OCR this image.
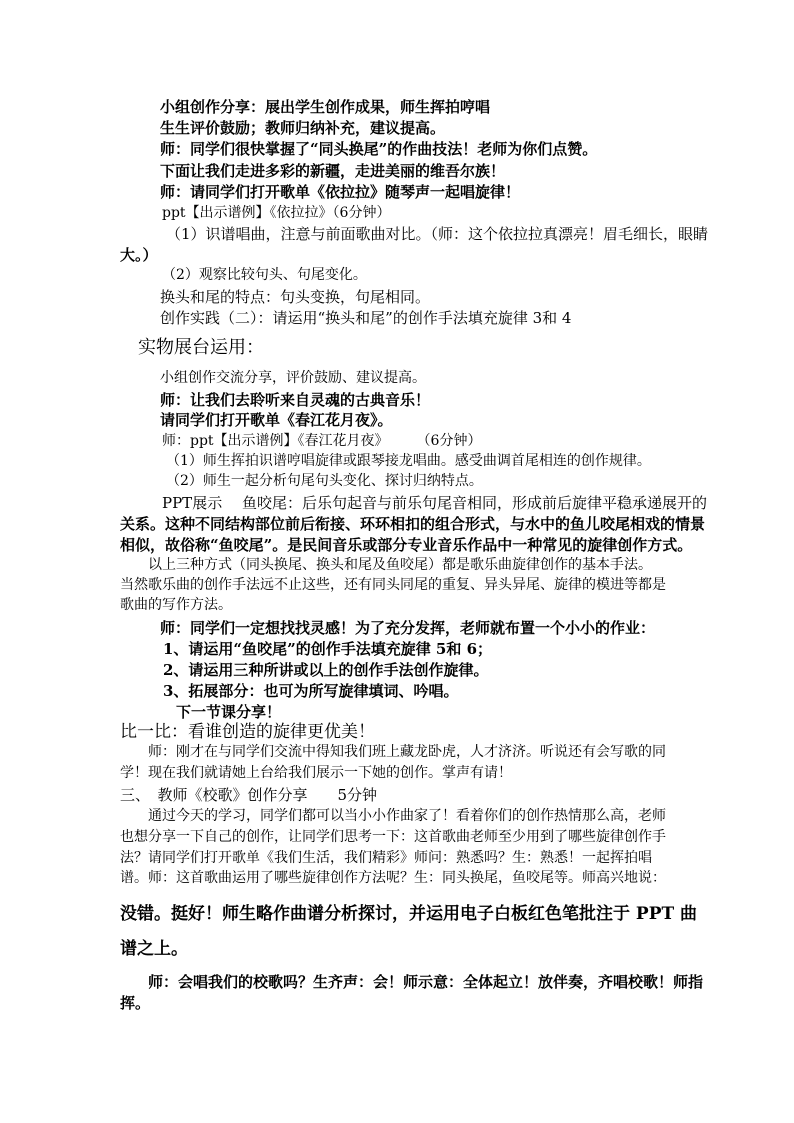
小组创作分享：展出学生创作成果，师生挥拍哼唱
生生评价鼓励；教师归纳补充，建议提高。
师：同学们很快掌握了“同头换尾”的作曲技法！老师为你们点赞。
下面让我们走进多彩的新疆，走进美丽的维吾尔族！
师：请同学们打开歌单《依拉拉》随琴声一起唱旋律！
ppt【出示谱例】《依拉拉》（6分钟）
（1）识谱唱曲，注意与前面歌曲对比。（师：这个依拉拉真漂亮！眉毛细长，眼睛
大。）
（2）观察比较句头、句尾变化。
换头和尾的特点：句头变换，句尾相同。
创作实践（二）：请运用“换头和尾”的创作手法填充旋律 3和 4
实物展台运用：
小组创作交流分享，评价鼓励、建议提高。
师：让我们去聆听来自灵魂的古典音乐！
请同学们打开歌单《春江花月夜》。
师：ppt【出示谱例】《春江花月夜》　　　（6分钟）
（1）师生挥拍识谱哼唱旋律或跟琴接龙唱曲。感受曲调首尾相连的创作规律。
（2）师生一起分析句尾句头变化、探讨归纳特点。
PPT展示　 鱼咬尾：后乐句起音与前乐句尾音相同，形成前后旋律平稳承递展开的
关系。这种不同结构部位前后衔接、环环相扣的组合形式，与水中的鱼儿咬尾相戏的情景
相似，故俗称“鱼咬尾”。是民间音乐或部分专业音乐作品中一种常见的旋律创作方式。
以上三种方式（同头换尾、换头和尾及鱼咬尾）都是歌乐曲旋律创作的基本手法。
当然歌乐曲的创作手法远不止这些，还有同头同尾的重复、异头异尾、旋律的模进等都是
歌曲的写作方法。
师：同学们一定想找找灵感！为了充分发挥，老师就布置一个小小的作业：
1、请运用“鱼咬尾”的创作手法填充旋律 5和 6；
2、请运用三种所讲或以上的创作手法创作旋律。
3、拓展部分：也可为所写旋律填词、吟唱。
下一节课分享！
比一比：看谁创造的旋律更优美！
师：刚才在与同学们交流中得知我们班上藏龙卧虎，人才济济。听说还有会写歌的同
学！现在我们就请她上台给我们展示一下她的创作。掌声有请！
三、　教师《校歌》创作分享　　5分钟
通过今天的学习，同学们都可以当小小作曲家了！看着你们的创作热情那么高，老师
也想分享一下自己的创作，让同学们思考一下：这首歌曲老师至少用到了哪些旋律创作手
法？请同学们打开歌单《我们生活，我们精彩》师问：熟悉吗？生：熟悉！一起挥拍唱
谱。师：这首歌曲运用了哪些旋律创作方法呢？生：同头换尾，鱼咬尾等。师高兴地说：
没错。挺好！师生略作曲谱分析探讨，并运用电子白板红色笔批注于 PPT 曲
谱之上。
师：会唱我们的校歌吗？生齐声：会！师示意：全体起立！放伴奏，齐唱校歌！师指
挥。
